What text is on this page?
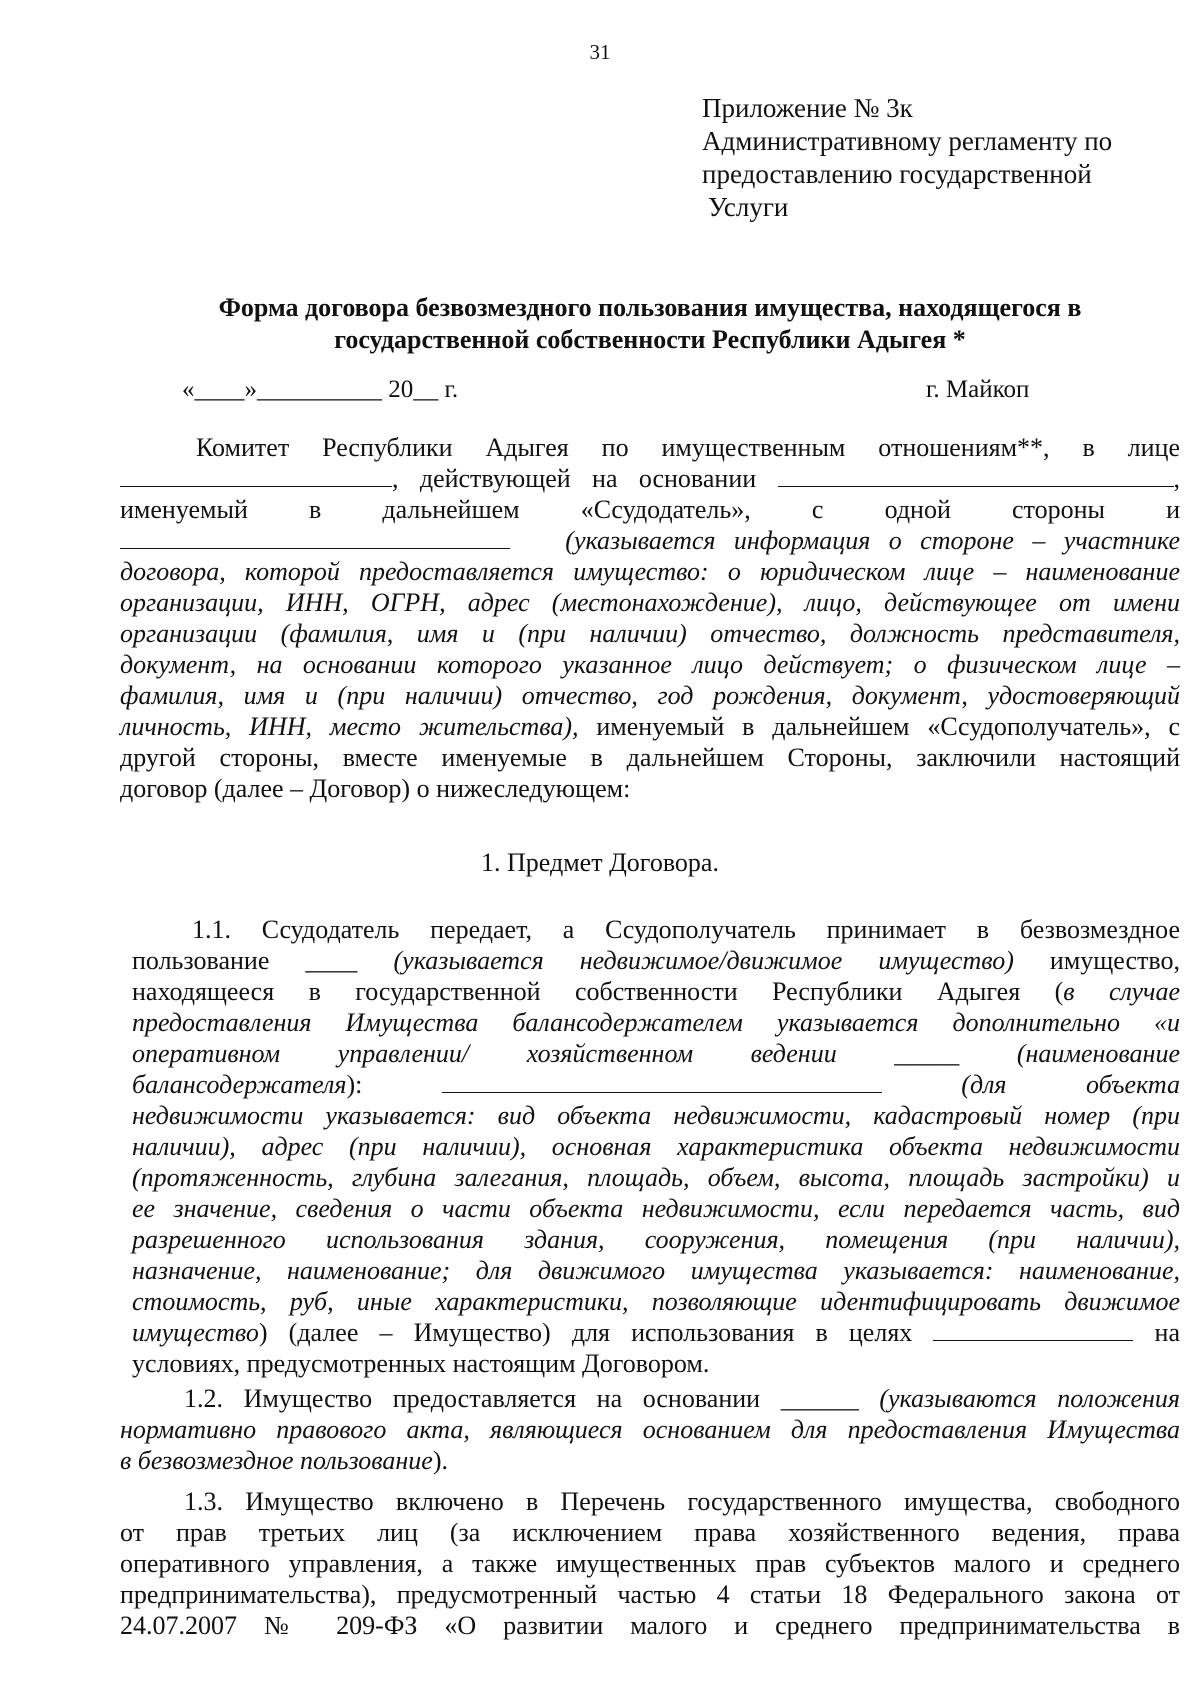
31
Приложение № 3к
Административному регламенту по
предоставлению государственной
Услуги
Форма договора безвозмездного пользования имущества, находящегося в государственной собственности Республики Адыгея *
«____»__________ 20__ г.	г. Майкоп
Комитет Республики Адыгея по имущественным отношениям**, в лице
, действующей на основании	,
именуемый в дальнейшем «Ссудодатель», с одной стороны и
(указывается информация о стороне – участнике
договора, которой предоставляется имущество: о юридическом лице – наименование
организации, ИНН, ОГРН, адрес (местонахождение), лицо, действующее от имени
организации (фамилия, имя и (при наличии) отчество, должность представителя,
документ, на основании которого указанное лицо действует; о физическом лице –
фамилия, имя и (при наличии) отчество, год рождения, документ, удостоверяющий
личность, ИНН, место жительства), именуемый в дальнейшем «Ссудополучатель», с
другой стороны, вместе именуемые в дальнейшем Стороны, заключили настоящий
договор (далее – Договор) о нижеследующем:
1. Предмет Договора.
1.1. Ссудодатель передает, а Ссудополучатель принимает в безвозмездное
пользование ____ (указывается недвижимое/движимое имущество) имущество,
находящееся в государственной собственности Республики Адыгея (в случае
предоставления Имущества балансодержателем указывается дополнительно «и
оперативном управлении/ хозяйственном ведении _____ (наименование
балансодержателя):	(для объекта
недвижимости указывается: вид объекта недвижимости, кадастровый номер (при
наличии), адрес (при наличии), основная характеристика объекта недвижимости
(протяженность, глубина залегания, площадь, объем, высота, площадь застройки) и
ее значение, сведения о части объекта недвижимости, если передается часть, вид
разрешенного использования здания, сооружения, помещения (при наличии),
назначение, наименование; для движимого имущества указывается: наименование,
стоимость, руб, иные характеристики, позволяющие идентифицировать движимое
имущество) (далее – Имущество) для использования в целях	на
условиях, предусмотренных настоящим Договором.
1.2. Имущество предоставляется на основании ______ (указываются положения
нормативно правового акта, являющиеся основанием для предоставления Имущества
в безвозмездное пользование).
1.3. Имущество включено в Перечень государственного имущества, свободного
от прав третьих лиц (за исключением права хозяйственного ведения, права
оперативного управления, а также имущественных прав субъектов малого и среднего
предпринимательства), предусмотренный частью 4 статьи 18 Федерального закона от
24.07.2007 № 209-ФЗ «О развитии малого и среднего предпринимательства в
